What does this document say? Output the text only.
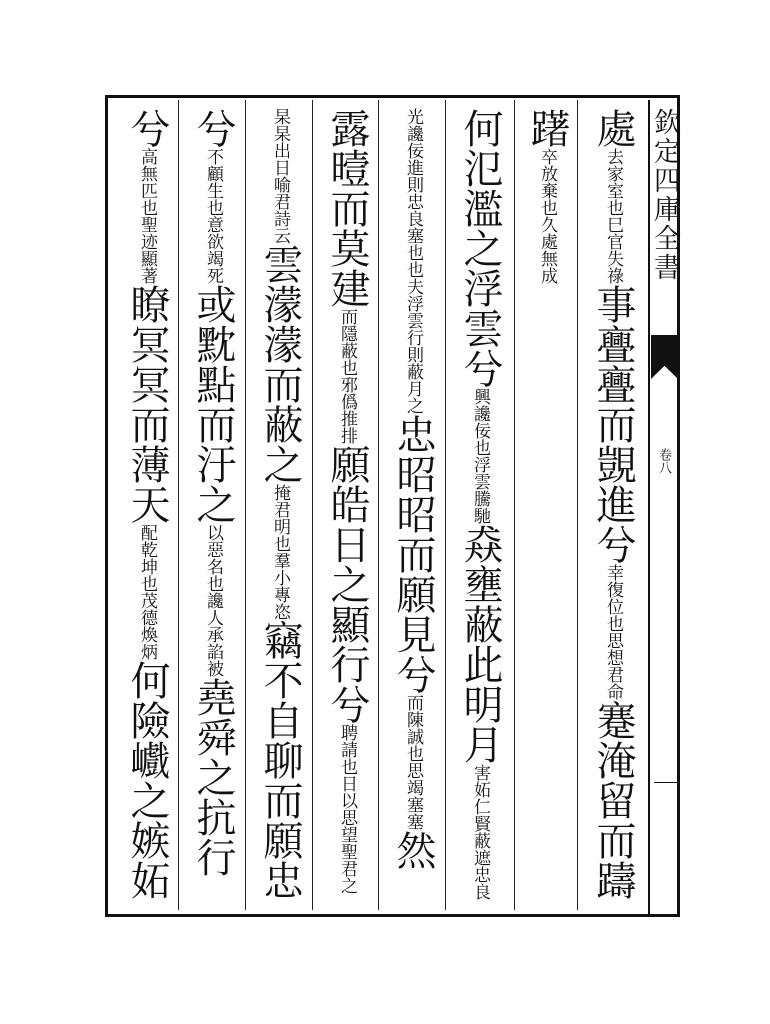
欽定四庫全書
卷八
處
巳官失祿
去家室也
事亹亹而覬進兮
思想君命
幸復位也
蹇淹留而躊
躇
久處無成
卒放棄也
何氾濫之浮雲兮
浮雲騰馳
興讒佞也
猋壅蔽此明月
蔽遮忠良
害妬仁賢
也夫浮雲行則蔽月之
光讒佞進則忠良塞也
忠昭昭而願見兮
思竭塞塞
而陳誠也
然
露曀而莫建
邪僞推排
而隱蔽也
願皓日之顯行兮
思望聖君之
聘請也日以
喻君詩云
杲杲出日
雲濛濛而蔽之
羣小專恣
掩君明也
竊不自聊而願忠
兮
意欲竭死
不顧生也
或黕點而汙之
讒人承諂被
以惡名也
堯舜之抗行
兮
聖迹顯著
高無匹也
瞭冥冥而薄天
茂德煥炳
配乾坤也
何險巇之嫉妬
